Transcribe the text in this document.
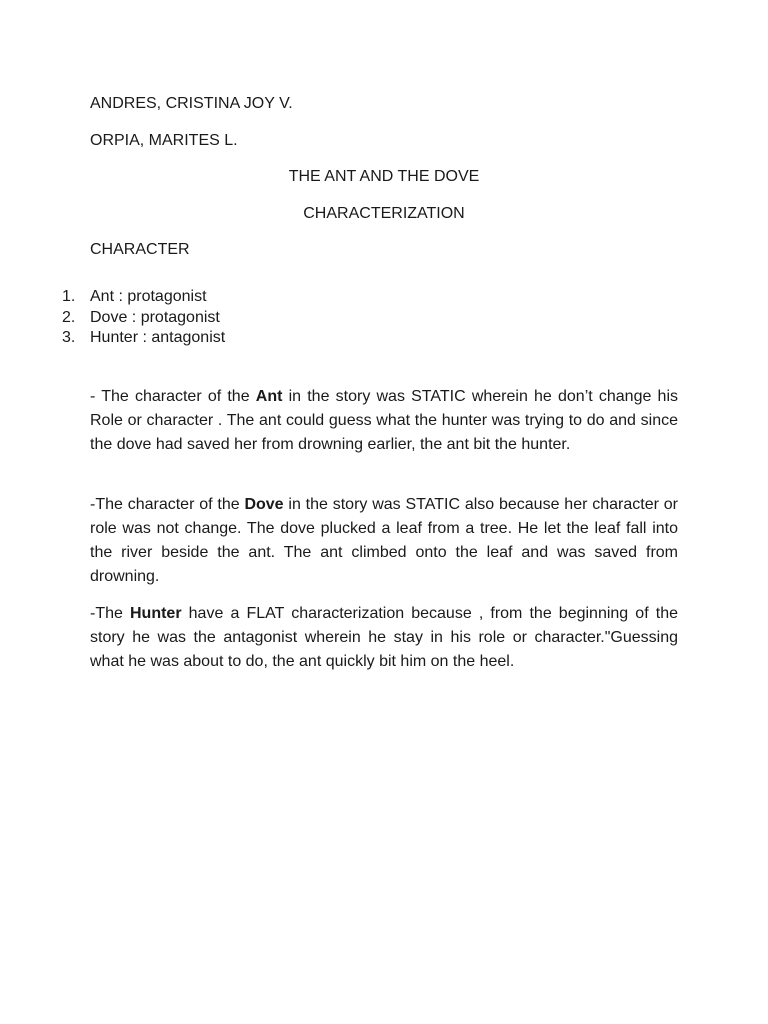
ANDRES, CRISTINA JOY V.

ORPIA, MARITES L.

THE ANT AND THE DOVE

CHARACTERIZATION

CHARACTER

1. Ant : protagonist
2. Dove : protagonist
3. Hunter : antagonist

- The character of the Ant in the story was STATIC wherein he don’t change his Role or character . The ant could guess what the hunter was trying to do and since the dove had saved her from drowning earlier, the ant bit the hunter.

-The character of the Dove in the story was STATIC also because her character or role was not change. The dove plucked a leaf from a tree. He let the leaf fall into the river beside the ant. The ant climbed onto the leaf and was saved from drowning.

-The Hunter have a FLAT characterization because , from the beginning of the story he was the antagonist wherein he stay in his role or character."Guessing what he was about to do, the ant quickly bit him on the heel.
